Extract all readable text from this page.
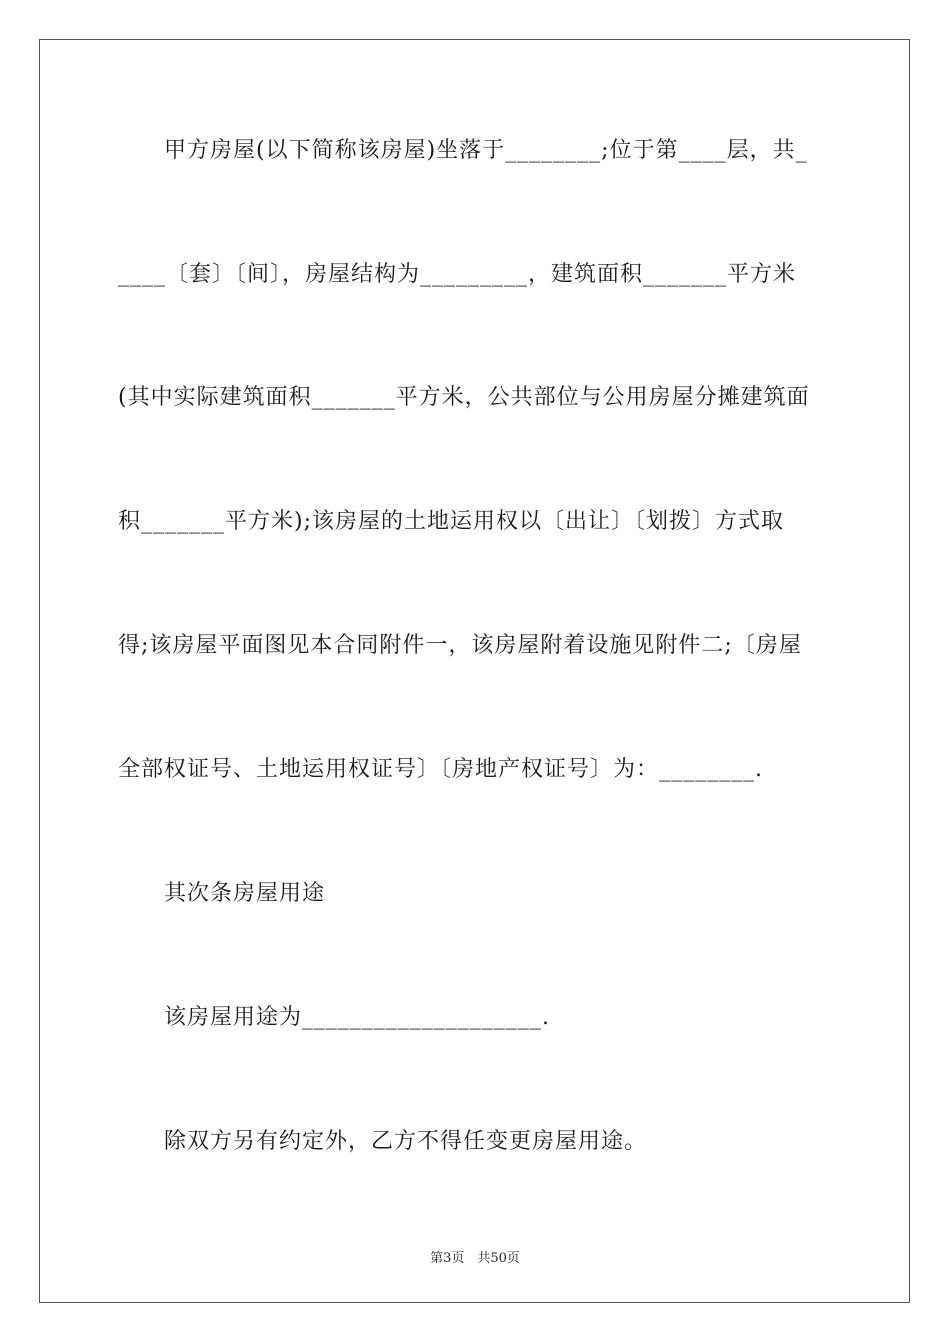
甲方房屋(以下简称该房屋)坐落于________;位于第____层，共_
____〔套〕〔间〕，房屋结构为_________，建筑面积_______平方米
(其中实际建筑面积_______平方米，公共部位与公用房屋分摊建筑面
积_______平方米);该房屋的土地运用权以〔出让〕〔划拨〕方式取
得;该房屋平面图见本合同附件一，该房屋附着设施见附件二;〔房屋
全部权证号、土地运用权证号〕〔房地产权证号〕为：________.
其次条房屋用途
该房屋用途为____________________.
除双方另有约定外，乙方不得任变更房屋用途。
第3页　共50页
